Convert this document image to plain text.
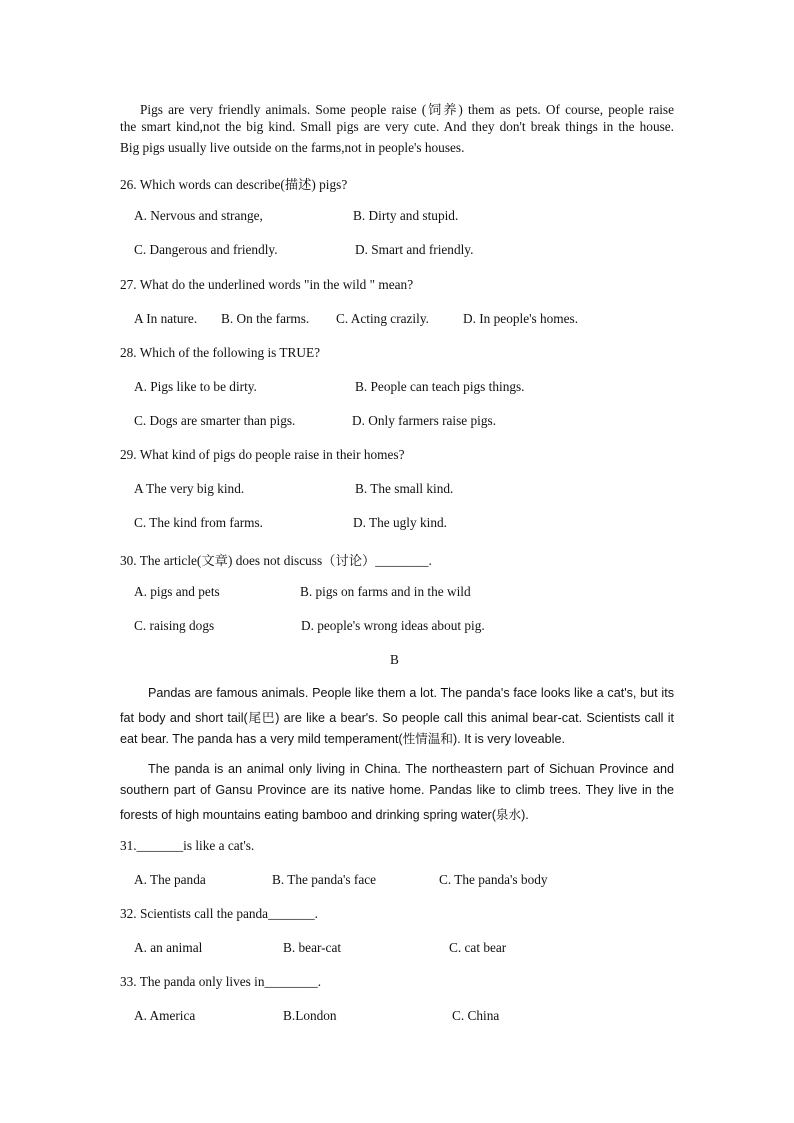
Pigs are very friendly animals. Some people raise (饲养) them as pets. Of course, people raise
the smart kind,not the big kind. Small pigs are very cute. And they don't break things in the house.
Big pigs usually live outside on the farms,not in people's houses.
26. Which words can describe(描述) pigs?
A. Nervous and strange,	B. Dirty and stupid.
C. Dangerous and friendly.	D. Smart and friendly.
27. What do the underlined words "in the wild " mean?
A In nature. B. On the farms. C. Acting crazily.	D. In people's homes.
28. Which of the following is TRUE?
A. Pigs like to be dirty.	B. People can teach pigs things.
C. Dogs are smarter than pigs.	D. Only farmers raise pigs.
29. What kind of pigs do people raise in their homes?
A The very big kind.	B. The small kind.
C. The kind from farms.	D. The ugly kind.
30. The article(文章) does not discuss（讨论）________.
A. pigs and pets	B. pigs on farms and in the wild
C. raising dogs	D. people's wrong ideas about pig.
B
Pandas are famous animals. People like them a lot. The panda's face looks like a cat's, but its
fat body and short tail(尾巴) are like a bear's. So people call this animal bear-cat. Scientists call it
eat bear. The panda has a very mild temperament(性情温和). It is very loveable.
The panda is an animal only living in China. The northeastern part of Sichuan Province and
southern part of Gansu Province are its native home. Pandas like to climb trees. They live in the
forests of high mountains eating bamboo and drinking spring water(泉水).
31._______is like a cat's.
A. The panda	B. The panda's face	C. The panda's body
32. Scientists call the panda_______.
A. an animal	B. bear-cat	C. cat bear
33. The panda only lives in________.
A. America	B.London	C. China
